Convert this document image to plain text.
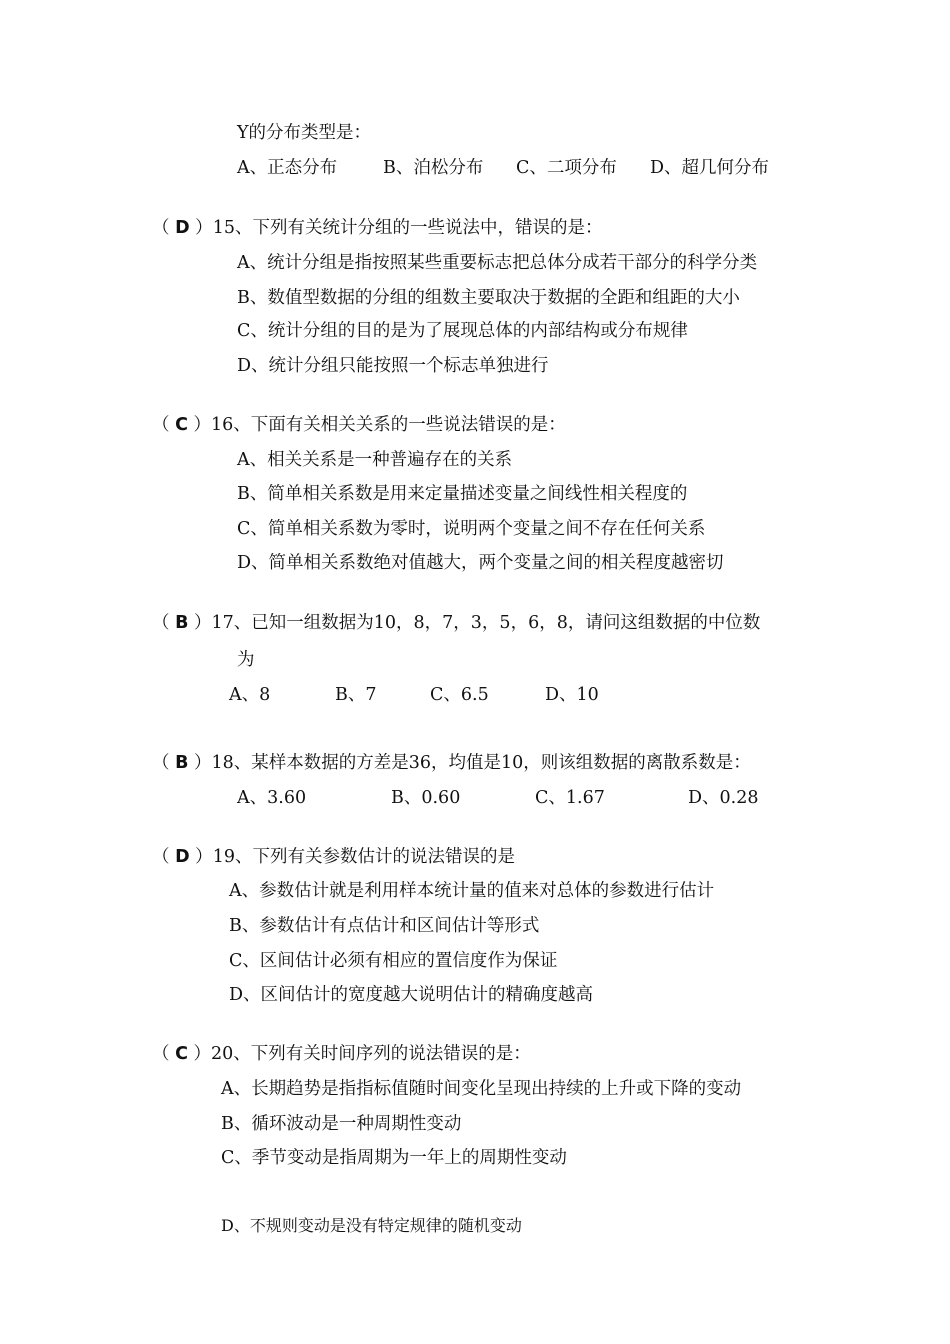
Y的分布类型是：
A、正态分布	B、泊松分布 C、二项分布 D、超几何分布
（ D ）15、下列有关统计分组的一些说法中，错误的是：
A、统计分组是指按照某些重要标志把总体分成若干部分的科学分类
B、数值型数据的分组的组数主要取决于数据的全距和组距的大小
C、统计分组的目的是为了展现总体的内部结构或分布规律
D、统计分组只能按照一个标志单独进行
（ C ）16、下面有关相关关系的一些说法错误的是：
A、相关关系是一种普遍存在的关系
B、简单相关系数是用来定量描述变量之间线性相关程度的
C、简单相关系数为零时，说明两个变量之间不存在任何关系
D、简单相关系数绝对值越大，两个变量之间的相关程度越密切
（ B ）17、已知一组数据为10，8，7，3，5，6，8，请问这组数据的中位数
为
A、8	B、7	C、6.5	D、10
（ B ）18、某样本数据的方差是36，均值是10，则该组数据的离散系数是：
A、3.60	B、0.60	C、1.67	D、0.28
（ D ）19、下列有关参数估计的说法错误的是
A、参数估计就是利用样本统计量的值来对总体的参数进行估计
B、参数估计有点估计和区间估计等形式
C、区间估计必须有相应的置信度作为保证
D、区间估计的宽度越大说明估计的精确度越高
（ C ）20、下列有关时间序列的说法错误的是：
A、长期趋势是指指标值随时间变化呈现出持续的上升或下降的变动
B、循环波动是一种周期性变动
C、季节变动是指周期为一年上的周期性变动
D、不规则变动是没有特定规律的随机变动
